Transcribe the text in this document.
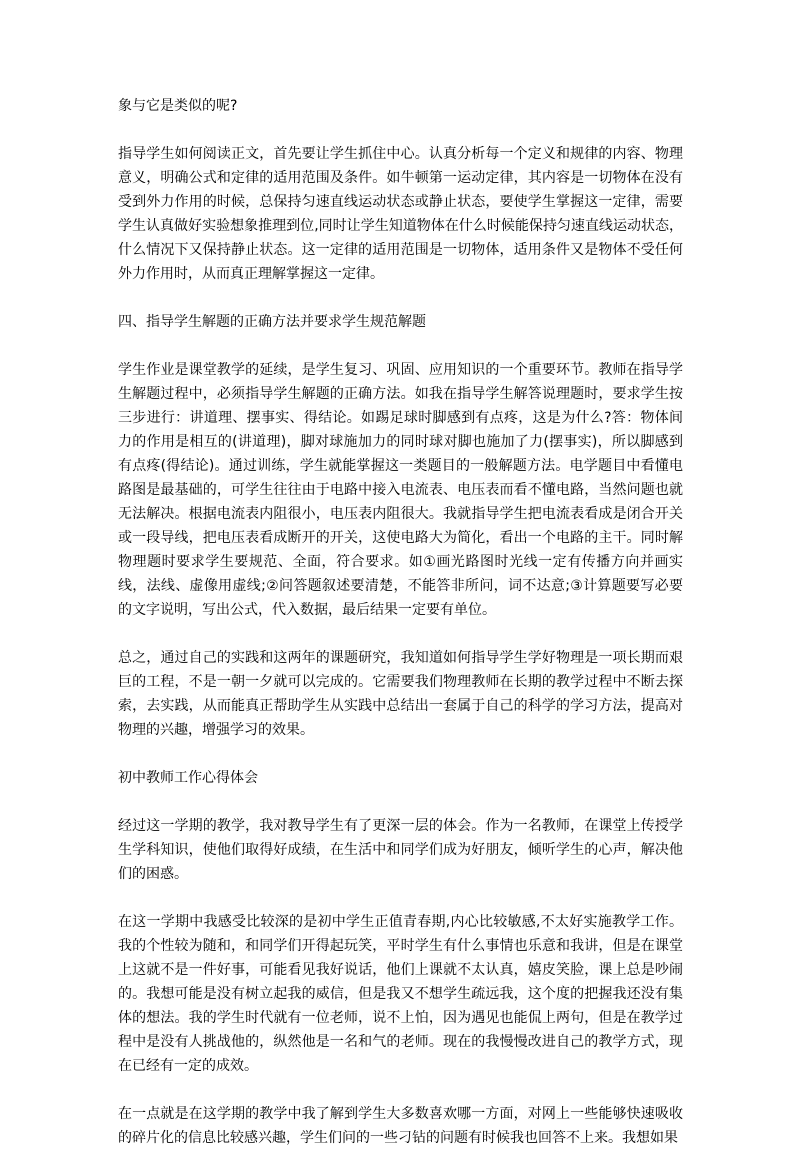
象与它是类似的呢?

指导学生如何阅读正文，首先要让学生抓住中心。认真分析每一个定义和规律的内容、物理意义，明确公式和定律的适用范围及条件。如牛顿第一运动定律，其内容是一切物体在没有受到外力作用的时候，总保持匀速直线运动状态或静止状态，要使学生掌握这一定律，需要学生认真做好实验想象推理到位,同时让学生知道物体在什么时候能保持匀速直线运动状态，什么情况下又保持静止状态。这一定律的适用范围是一切物体，适用条件又是物体不受任何外力作用时，从而真正理解掌握这一定律。

四、指导学生解题的正确方法并要求学生规范解题

学生作业是课堂教学的延续，是学生复习、巩固、应用知识的一个重要环节。教师在指导学生解题过程中，必须指导学生解题的正确方法。如我在指导学生解答说理题时，要求学生按三步进行：讲道理、摆事实、得结论。如踢足球时脚感到有点疼，这是为什么?答：物体间力的作用是相互的(讲道理)，脚对球施加力的同时球对脚也施加了力(摆事实)，所以脚感到有点疼(得结论)。通过训练，学生就能掌握这一类题目的一般解题方法。电学题目中看懂电路图是最基础的，可学生往往由于电路中接入电流表、电压表而看不懂电路，当然问题也就无法解决。根据电流表内阻很小，电压表内阻很大。我就指导学生把电流表看成是闭合开关或一段导线，把电压表看成断开的开关，这使电路大为简化，看出一个电路的主干。同时解物理题时要求学生要规范、全面，符合要求。如①画光路图时光线一定有传播方向并画实线，法线、虚像用虚线;②问答题叙述要清楚，不能答非所问，词不达意;③计算题要写必要的文字说明，写出公式，代入数据，最后结果一定要有单位。

总之，通过自己的实践和这两年的课题研究，我知道如何指导学生学好物理是一项长期而艰巨的工程，不是一朝一夕就可以完成的。它需要我们物理教师在长期的教学过程中不断去探索，去实践，从而能真正帮助学生从实践中总结出一套属于自己的科学的学习方法，提高对物理的兴趣，增强学习的效果。

初中教师工作心得体会

经过这一学期的教学，我对教导学生有了更深一层的体会。作为一名教师，在课堂上传授学生学科知识，使他们取得好成绩，在生活中和同学们成为好朋友，倾听学生的心声，解决他们的困惑。

在这一学期中我感受比较深的是初中学生正值青春期,内心比较敏感,不太好实施教学工作。我的个性较为随和，和同学们开得起玩笑，平时学生有什么事情也乐意和我讲，但是在课堂上这就不是一件好事，可能看见我好说话，他们上课就不太认真，嬉皮笑脸，课上总是吵闹的。我想可能是没有树立起我的威信，但是我又不想学生疏远我，这个度的把握我还没有集体的想法。我的学生时代就有一位老师，说不上怕，因为遇见也能侃上两句，但是在教学过程中是没有人挑战他的，纵然他是一名和气的老师。现在的我慢慢改进自己的教学方式，现在已经有一定的成效。

在一点就是在这学期的教学中我了解到学生大多数喜欢哪一方面，对网上一些能够快速吸收的碎片化的信息比较感兴趣，学生们问的一些刁钻的问题有时候我也回答不上来。我想如果
